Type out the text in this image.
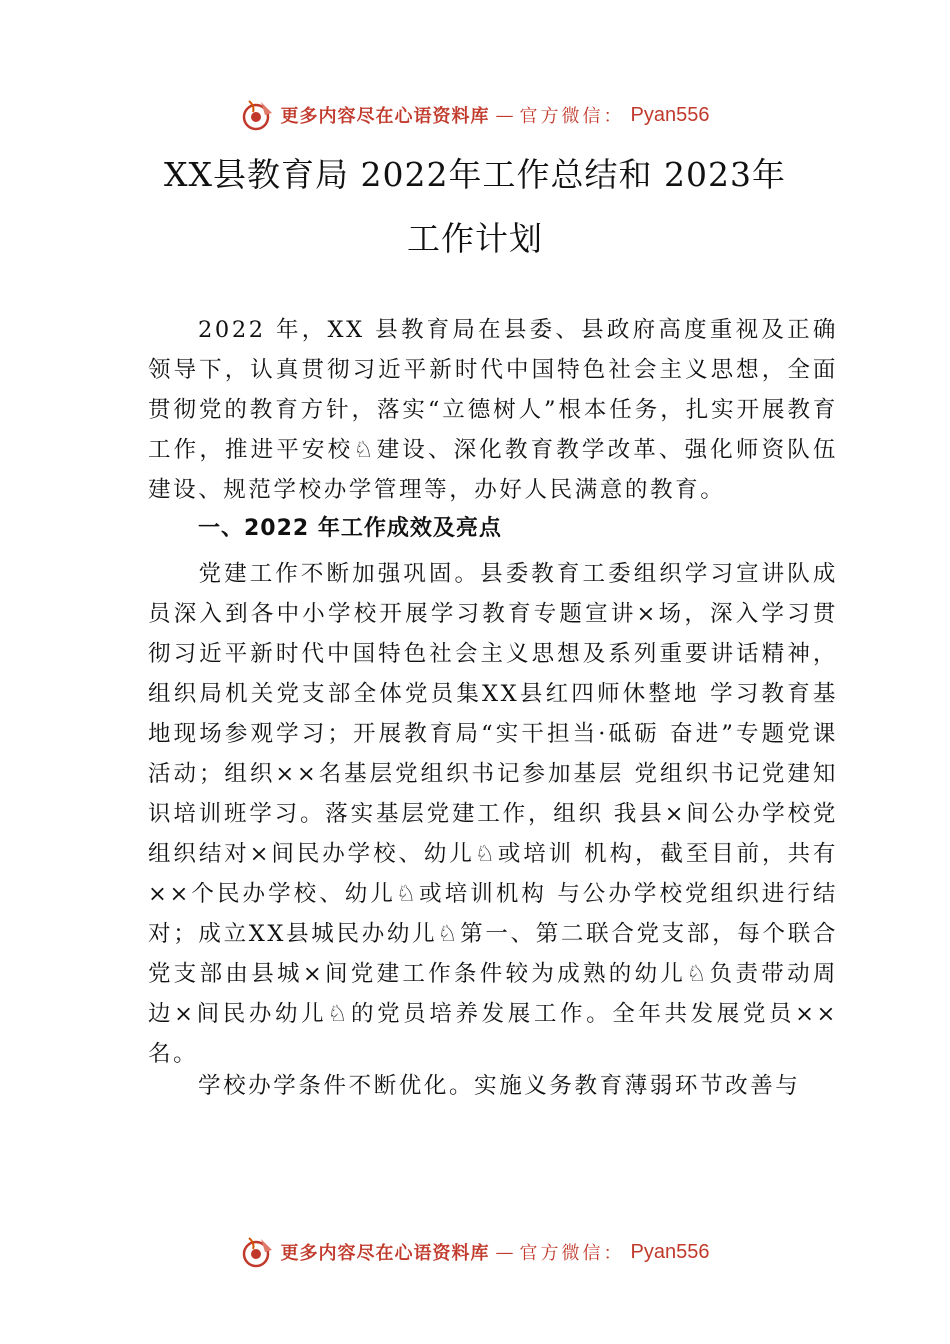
更多内容尽在心语资料库 — 官方微信： Pyan556
XX县教育局 2022年工作总结和 2023年
工作计划
2022 年，XX 县教育局在县委、县政府高度重视及正确领导下，认真贯彻习近平新时代中国特色社会主义思想，全面贯彻党的教育方针，落实“立德树人”根本任务，扎实开展教育工作，推进平安校♘建设、深化教育教学改革、强化师资队伍建设、规范学校办学管理等，办好人民满意的教育。
一、2022 年工作成效及亮点
党建工作不断加强巩固。县委教育工委组织学习宣讲队成员深入到各中小学校开展学习教育专题宣讲×场，深入学习贯彻习近平新时代中国特色社会主义思想及系列重要讲话精神，组织局机关党支部全体党员集XX县红四师休整地 学习教育基地现场参观学习；开展教育局“实干担当·砥砺 奋进”专题党课活动；组织××名基层党组织书记参加基层 党组织书记党建知识培训班学习。落实基层党建工作，组织 我县×间公办学校党组织结对×间民办学校、幼儿♘或培训 机构，截至目前，共有××个民办学校、幼儿♘或培训机构 与公办学校党组织进行结对；成立XX县城民办幼儿♘第一、第二联合党支部，每个联合党支部由县城×间党建工作条件较为成熟的幼儿♘负责带动周边×间民办幼儿♘的党员培养发展工作。全年共发展党员××名。
学校办学条件不断优化。实施义务教育薄弱环节改善与
更多内容尽在心语资料库 — 官方微信： Pyan556
